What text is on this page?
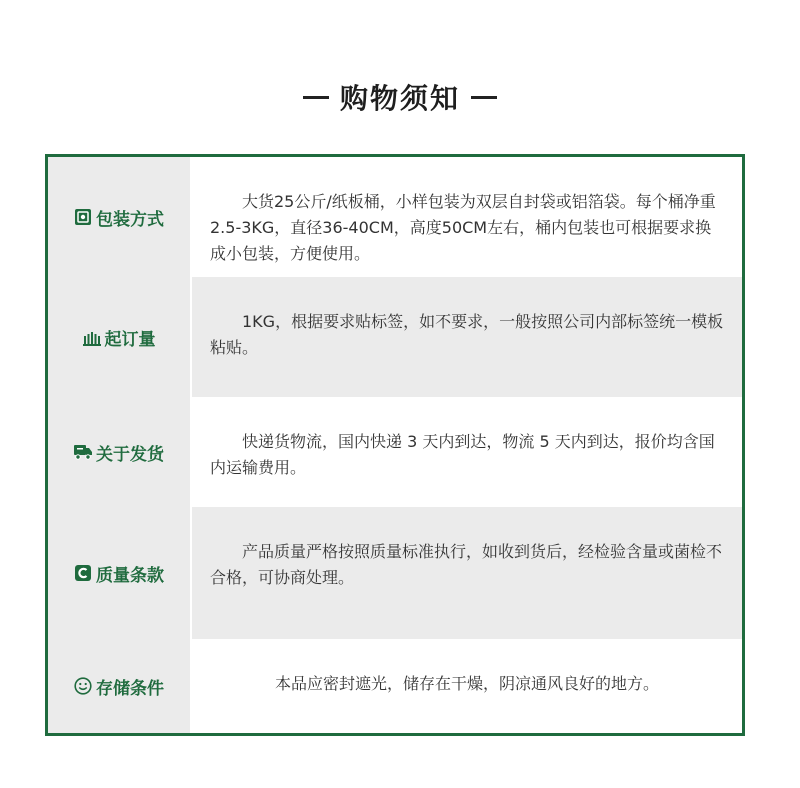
购物须知
包装方式
大货25公斤/纸板桶，小样包装为双层自封袋或铝箔袋。每个桶净重2.5-3KG，直径36-40CM，高度50CM左右，桶内包装也可根据要求换成小包装，方便使用。
起订量
1KG，根据要求贴标签，如不要求，一般按照公司内部标签统一模板粘贴。
关于发货
快递货物流，国内快递 3 天内到达，物流 5 天内到达，报价均含国内运输费用。
质量条款
产品质量严格按照质量标准执行，如收到货后，经检验含量或菌检不合格，可协商处理。
存储条件	本品应密封遮光，储存在干燥，阴凉通风良好的地方。
